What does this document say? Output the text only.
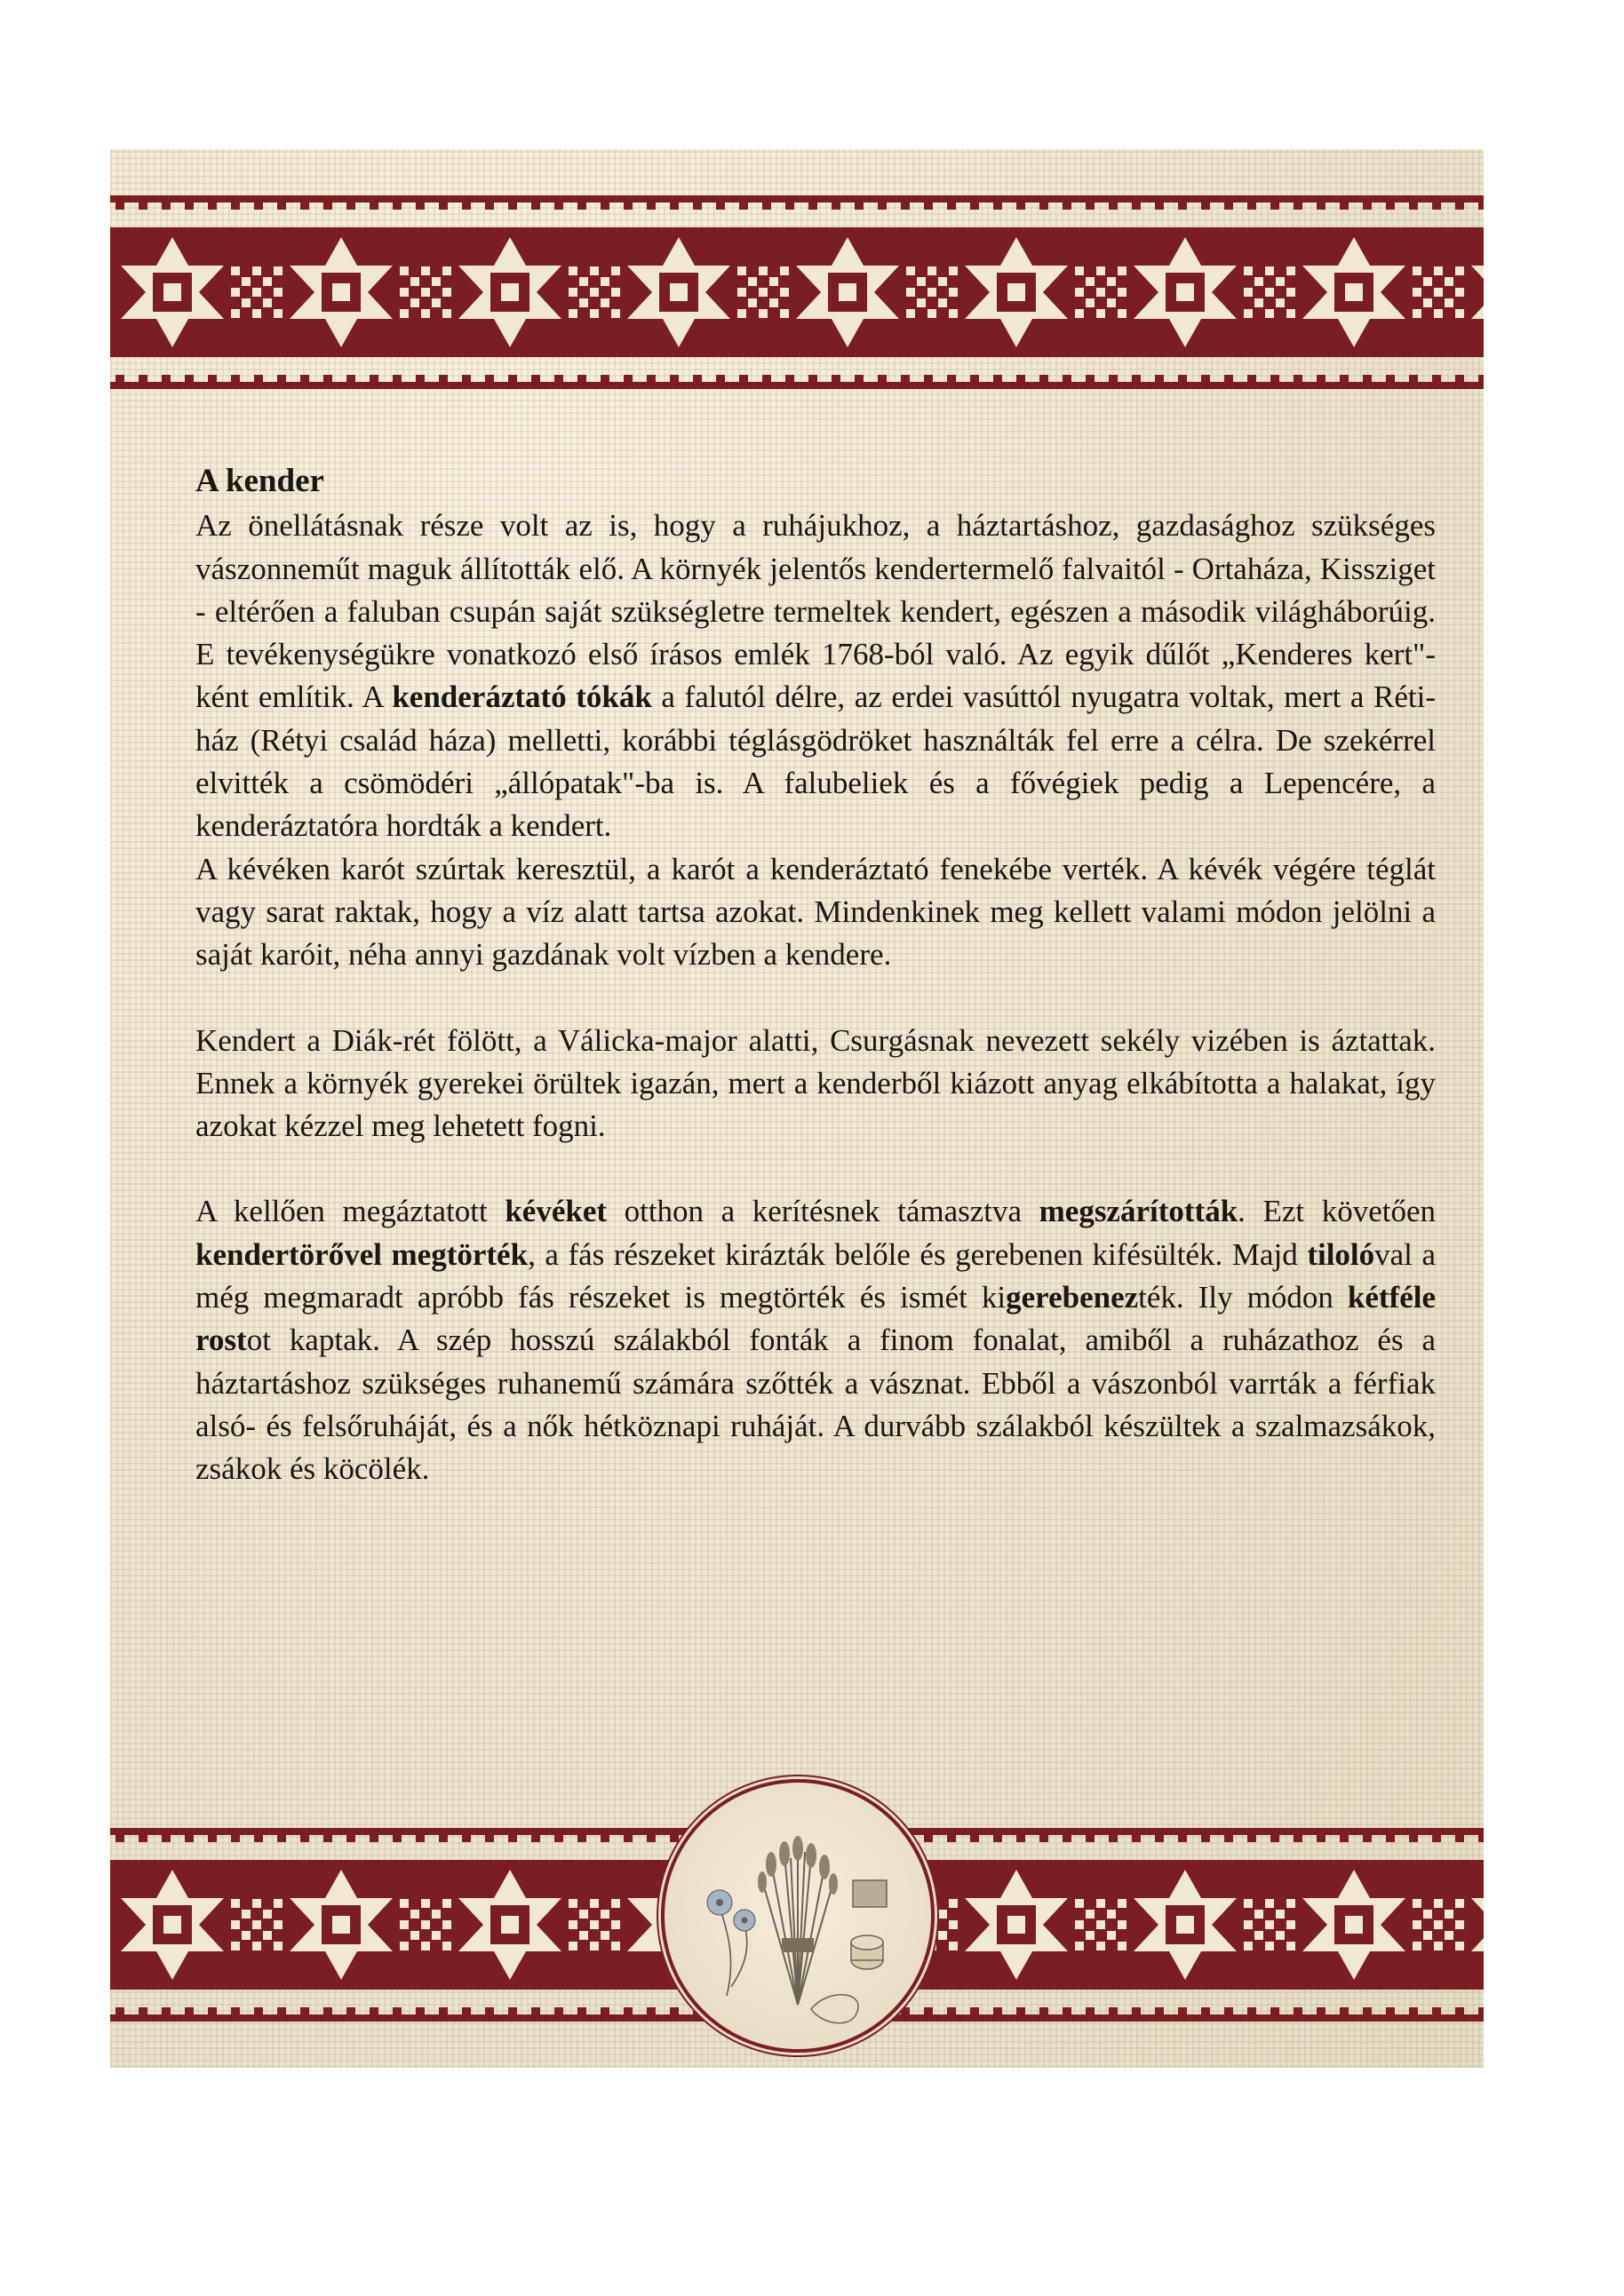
A kender

Az önellátásnak része volt az is, hogy a ruhájukhoz, a háztartáshoz, gazdasághoz szükséges vászonneműt maguk állították elő. A környék jelentős kendertermelő falvaitól - Ortaháza, Kissziget - eltérően a faluban csupán saját szükségletre termeltek kendert, egészen a második világháborúig. E tevékenységükre vonatkozó első írásos emlék 1768-ból való. Az egyik dűlőt „Kenderes kert"-ként említik. A kenderáztató tókák a falutól délre, az erdei vasúttól nyugatra voltak, mert a Réti-ház (Rétyi család háza) melletti, korábbi téglásgödröket használták fel erre a célra. De szekérrel elvitték a csömödéri „állópatak"-ba is. A falubeliek és a fővégiek pedig a Lepencére, a kenderáztatóra hordták a kendert.

A kévéken karót szúrtak keresztül, a karót a kenderáztató fenekébe verték. A kévék végére téglát vagy sarat raktak, hogy a víz alatt tartsa azokat. Mindenkinek meg kellett valami módon jelölni a saját karóit, néha annyi gazdának volt vízben a kendere.

Kendert a Diák-rét fölött, a Válicka-major alatti, Csurgásnak nevezett sekély vizében is áztattak. Ennek a környék gyerekei örültek igazán, mert a kenderből kiázott anyag elkábította a halakat, így azokat kézzel meg lehetett fogni.

A kellően megáztatott kévéket otthon a kerítésnek támasztva megszárították. Ezt követően kendertörővel megtörték, a fás részeket kirázták belőle és gerebenen kifésülték. Majd tilolóval a még megmaradt apróbb fás részeket is megtörték és ismét kigerebenezték. Ily módon kétféle rostot kaptak. A szép hosszú szálakból fonták a finom fonalat, amiből a ruházathoz és a háztartáshoz szükséges ruhanemű számára szőtték a vásznat. Ebből a vászonból varrták a férfiak alsó- és felsőruháját, és a nők hétköznapi ruháját. A durvább szálakból készültek a szalmazsákok, zsákok és köcölék.
